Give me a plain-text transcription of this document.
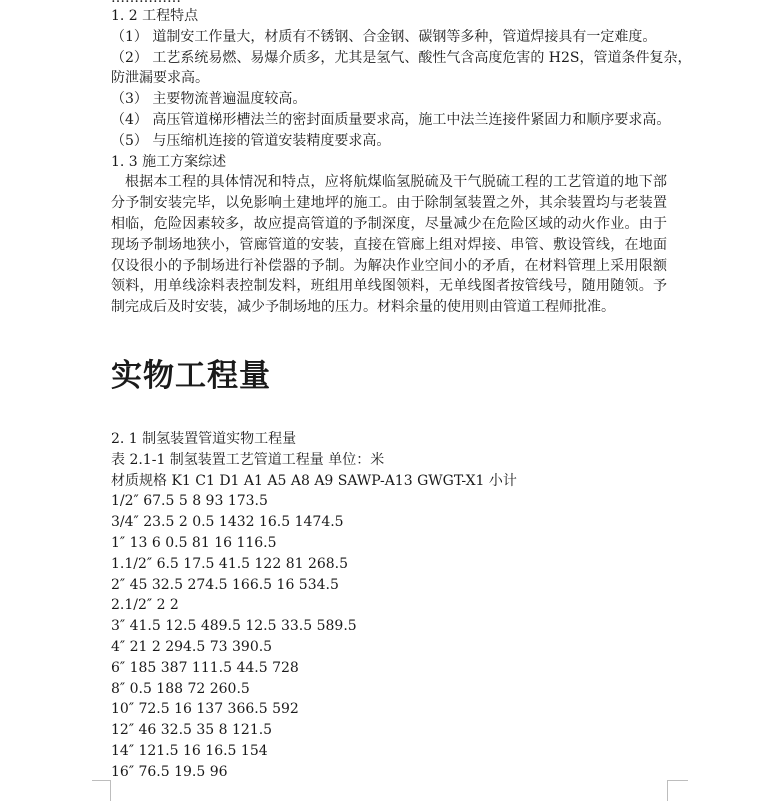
1. 2 工程特点

（1） 道制安工作量大，材质有不锈钢、合金钢、碳钢等多种，管道焊接具有一定难度。

（2） 工艺系统易燃、易爆介质多，尤其是氢气、酸性气含高度危害的 H2S，管道条件复杂，

防泄漏要求高。

（3） 主要物流普遍温度较高。

（4） 高压管道梯形槽法兰的密封面质量要求高，施工中法兰连接件紧固力和顺序要求高。

（5） 与压缩机连接的管道安装精度要求高。

1. 3 施工方案综述

根据本工程的具体情况和特点，应将航煤临氢脱硫及干气脱硫工程的工艺管道的地下部分予制安装完毕，以免影响土建地坪的施工。由于除制氢装置之外，其余装置均与老装置相临，危险因素较多，故应提高管道的予制深度，尽量减少在危险区域的动火作业。由于现场予制场地狭小，管廊管道的安装，直接在管廊上组对焊接、串管、敷设管线，在地面仅设很小的予制场进行补偿器的予制。为解决作业空间小的矛盾，在材料管理上采用限额领料，用单线涂料表控制发料，班组用单线图领料，无单线图者按管线号，随用随领。予制完成后及时安装，减少予制场地的压力。材料余量的使用则由管道工程师批准。

实物工程量

2. 1 制氢装置管道实物工程量

表 2.1-1 制氢装置工艺管道工程量 单位：米

材质规格 K1 C1 D1 A1 A5 A8 A9 SAWP-A13 GWGT-X1 小计

1/2″ 67.5 5 8 93 173.5

3/4″ 23.5 2 0.5 1432 16.5 1474.5

1″ 13 6 0.5 81 16 116.5

1.1/2″ 6.5 17.5 41.5 122 81 268.5

2″ 45 32.5 274.5 166.5 16 534.5

2.1/2″ 2 2

3″ 41.5 12.5 489.5 12.5 33.5 589.5

4″ 21 2 294.5 73 390.5

6″ 185 387 111.5 44.5 728

8″ 0.5 188 72 260.5

10″ 72.5 16 137 366.5 592

12″ 46 32.5 35 8 121.5

14″ 121.5 16 16.5 154

16″ 76.5 19.5 96
